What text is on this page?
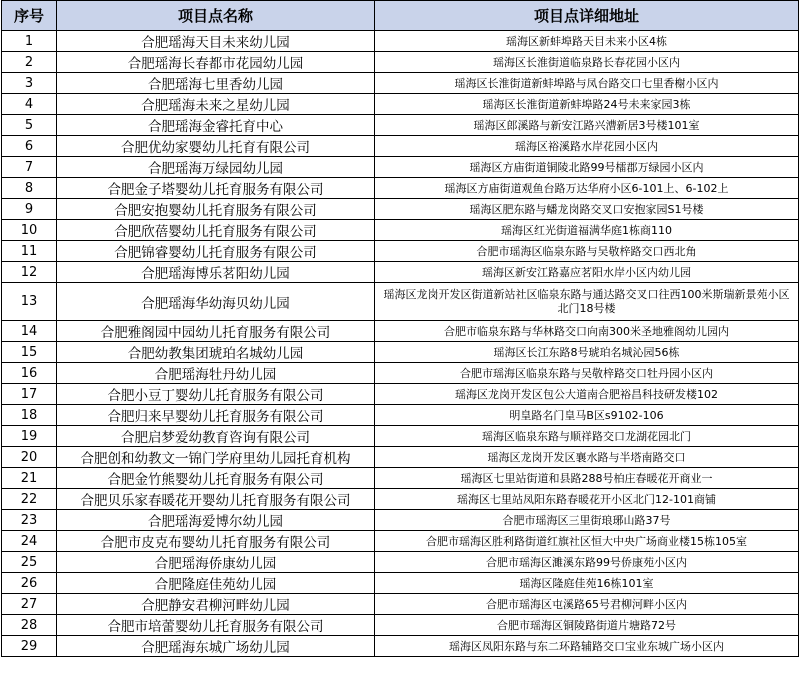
序号	项目点名称	项目点详细地址
1	合肥瑶海天目未来幼儿园	瑶海区新蚌埠路天目未来小区4栋
2	合肥瑶海长春都市花园幼儿园	瑶海区长淮街道临泉路长春花园小区内
3	合肥瑶海七里香幼儿园	瑶海区长淮街道新蚌埠路与凤台路交口七里香榭小区内
4	合肥瑶海未来之星幼儿园	瑶海区长淮街道新蚌埠路24号未来家园3栋
5	合肥瑶海金睿托育中心	瑶海区郎溪路与新安江路兴漕新居3号楼101室
6	合肥优幼家婴幼儿托育有限公司	瑶海区裕溪路水岸花园小区内
7	合肥瑶海万绿园幼儿园	瑶海区方庙街道铜陵北路99号檑郡万绿园小区内
8	合肥金子塔婴幼儿托育服务有限公司	瑶海区方庙街道观鱼台路万达华府小区6-101上、6-102上
9	合肥安抱婴幼儿托育服务有限公司	瑶海区肥东路与蟠龙岗路交叉口安抱家园S1号楼
10	合肥欣蓓婴幼儿托育服务有限公司	瑶海区红光街道福满华庭1栋商110
11	合肥锦睿婴幼儿托育服务有限公司	合肥市瑶海区临泉东路与吴敬梓路交口西北角
12	合肥瑶海博乐茗阳幼儿园	瑶海区新安江路嘉应茗阳水岸小区内幼儿园
13	合肥瑶海华幼海贝幼儿园	瑶海区龙岗开发区街道新站社区临泉东路与通达路交叉口往西100米斯瑞新景苑小区北门18号楼
14	合肥雅阁园中园幼儿托育服务有限公司	合肥市临泉东路与华林路交口向南300米圣地雅阁幼儿园内
15	合肥幼教集团琥珀名城幼儿园	瑶海区长江东路8号琥珀名城沁园56栋
16	合肥瑶海牡丹幼儿园	合肥市瑶海区临泉东路与吴敬梓路交口牡丹园小区内
17	合肥小豆丁婴幼儿托育服务有限公司	瑶海区龙岗开发区包公大道南合肥裕昌科技研发楼102
18	合肥归来早婴幼儿托育服务有限公司	明皇路名门皇马B区s9102-106
19	合肥启梦爱幼教育咨询有限公司	瑶海区临泉东路与顺祥路交口龙湖花园北门
20	合肥创和幼教文一锦门学府里幼儿园托育机构	瑶海区龙岗开发区襄水路与半塔南路交口
21	合肥金竹熊婴幼儿托育服务有限公司	瑶海区七里站街道和县路288号柏庄春暖花开商业一
22	合肥贝乐家春暖花开婴幼儿托育服务有限公司	瑶海区七里站凤阳东路春暖花开小区北门12-101商铺
23	合肥瑶海爱博尔幼儿园	合肥市瑶海区三里街琅琊山路37号
24	合肥市皮克布婴幼儿托育服务有限公司	合肥市瑶海区胜利路街道红旗社区恒大中央广场商业楼15栋105室
25	合肥瑶海侨康幼儿园	合肥市瑶海区濉溪东路99号侨康苑小区内
26	合肥隆庭佳苑幼儿园	瑶海区隆庭佳苑16栋101室
27	合肥静安君柳河畔幼儿园	合肥市瑶海区屯溪路65号君柳河畔小区内
28	合肥市培蕾婴幼儿托育服务有限公司	合肥市瑶海区铜陵路街道片塘路72号
29	合肥瑶海东城广场幼儿园	瑶海区凤阳东路与东二环路辅路交口宝业东城广场小区内
